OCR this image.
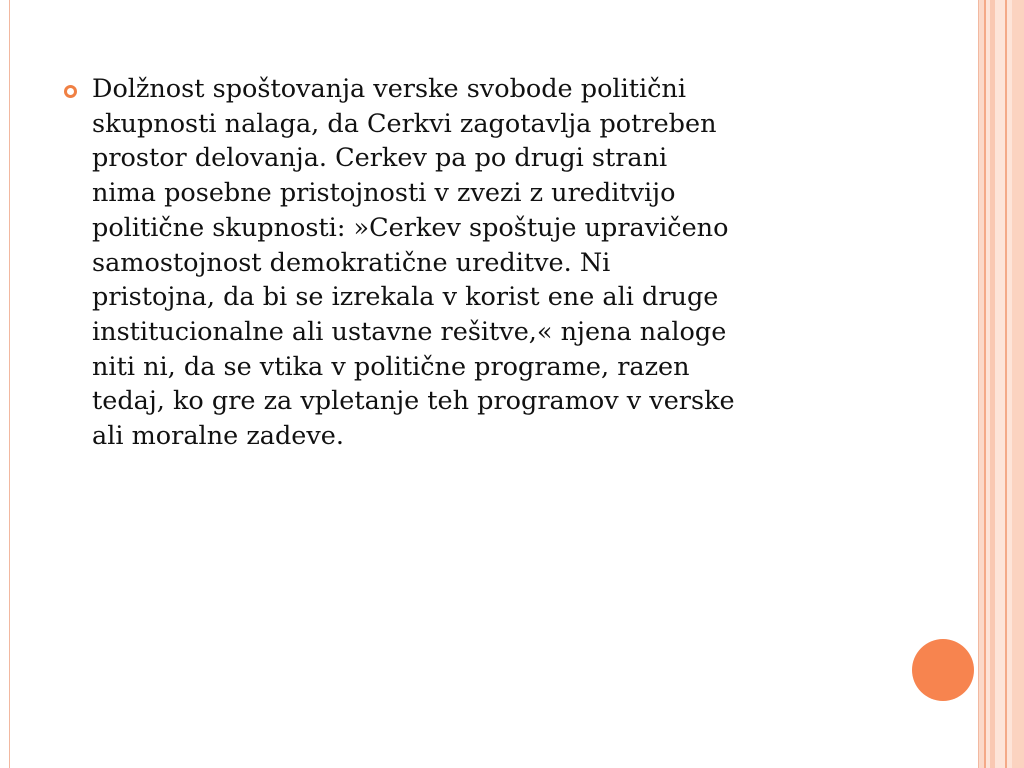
Dolžnost spoštovanja verske svobode politični
skupnosti nalaga, da Cerkvi zagotavlja potreben
prostor delovanja. Cerkev pa po drugi strani
nima posebne pristojnosti v zvezi z ureditvijo
politične skupnosti: »Cerkev spoštuje upravičeno
samostojnost demokratične ureditve. Ni
pristojna, da bi se izrekala v korist ene ali druge
institucionalne ali ustavne rešitve,« njena naloge
niti ni, da se vtika v politične programe, razen
tedaj, ko gre za vpletanje teh programov v verske
ali moralne zadeve.
